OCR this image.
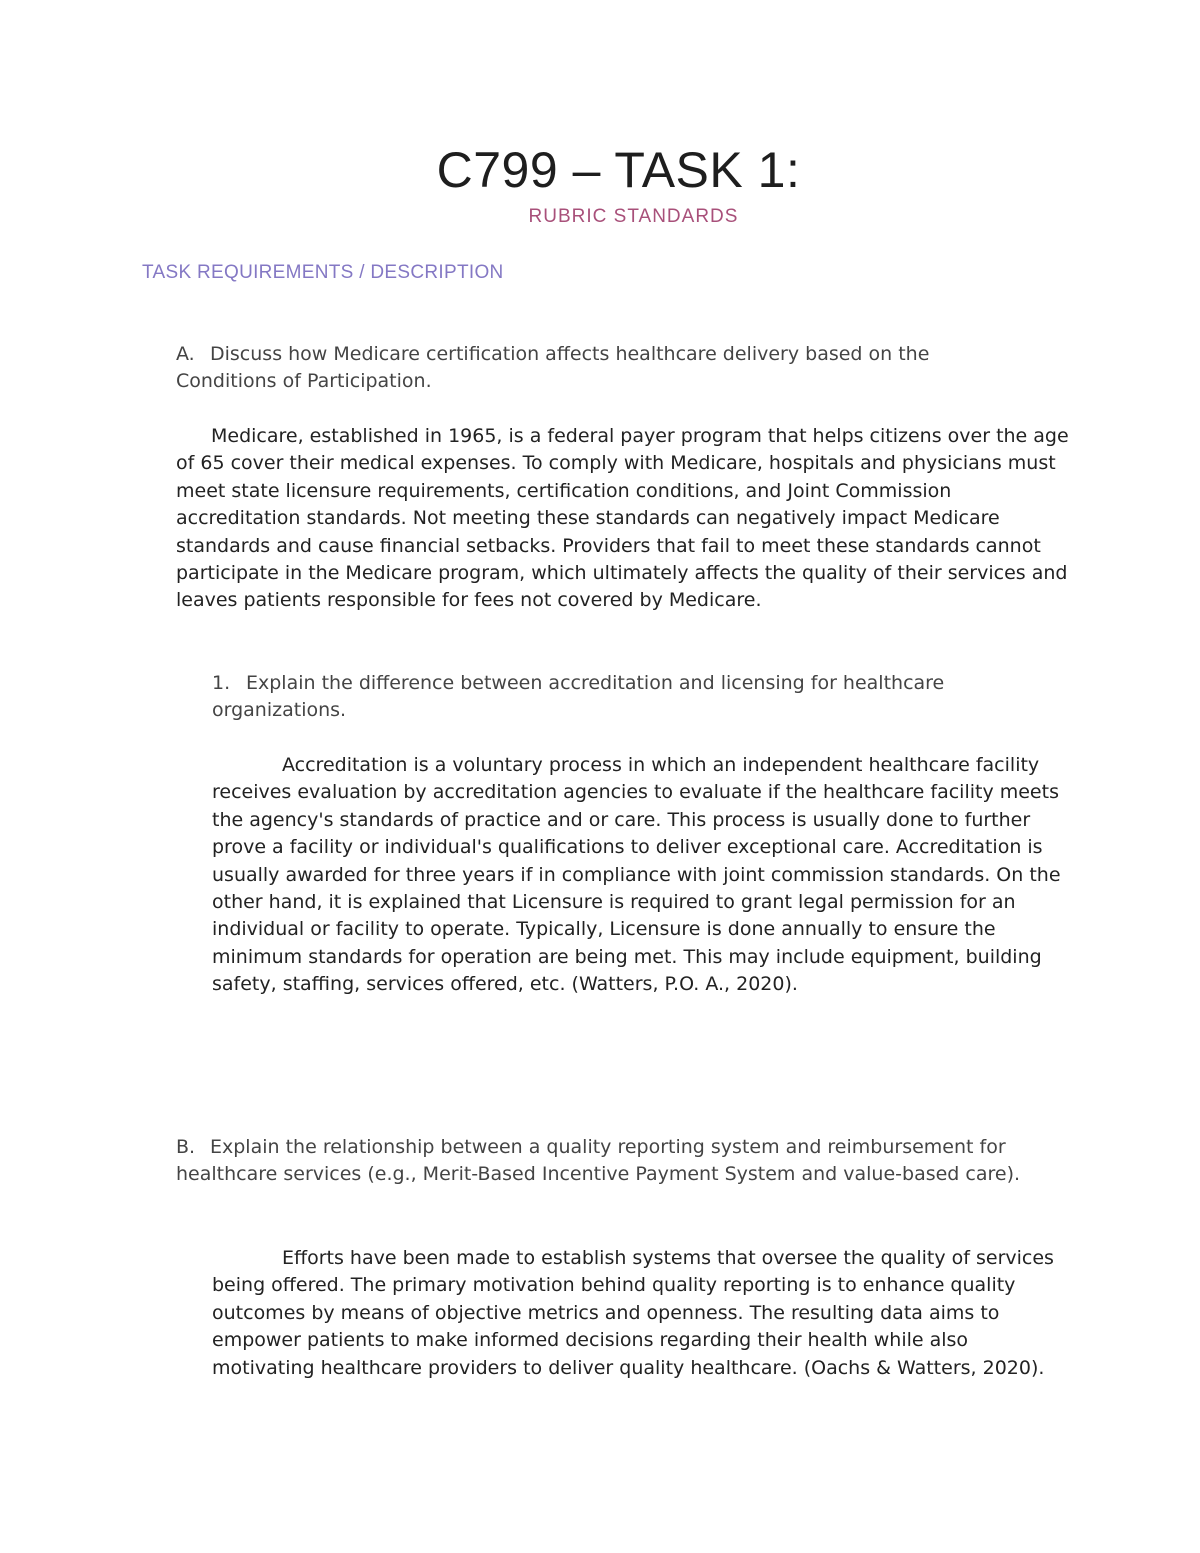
C799 – TASK 1:
RUBRIC STANDARDS
TASK REQUIREMENTS / DESCRIPTION

A. Discuss how Medicare certification affects healthcare delivery based on the Conditions of Participation.

Medicare, established in 1965, is a federal payer program that helps citizens over the age of 65 cover their medical expenses. To comply with Medicare, hospitals and physicians must meet state licensure requirements, certification conditions, and Joint Commission accreditation standards. Not meeting these standards can negatively impact Medicare standards and cause financial setbacks. Providers that fail to meet these standards cannot participate in the Medicare program, which ultimately affects the quality of their services and leaves patients responsible for fees not covered by Medicare.

1. Explain the difference between accreditation and licensing for healthcare organizations.

Accreditation is a voluntary process in which an independent healthcare facility receives evaluation by accreditation agencies to evaluate if the healthcare facility meets the agency's standards of practice and or care. This process is usually done to further prove a facility or individual's qualifications to deliver exceptional care. Accreditation is usually awarded for three years if in compliance with joint commission standards. On the other hand, it is explained that Licensure is required to grant legal permission for an individual or facility to operate. Typically, Licensure is done annually to ensure the minimum standards for operation are being met. This may include equipment, building safety, staffing, services offered, etc. (Watters, P.O. A., 2020).

B. Explain the relationship between a quality reporting system and reimbursement for healthcare services (e.g., Merit-Based Incentive Payment System and value-based care).

Efforts have been made to establish systems that oversee the quality of services being offered. The primary motivation behind quality reporting is to enhance quality outcomes by means of objective metrics and openness. The resulting data aims to empower patients to make informed decisions regarding their health while also motivating healthcare providers to deliver quality healthcare. (Oachs & Watters, 2020).
